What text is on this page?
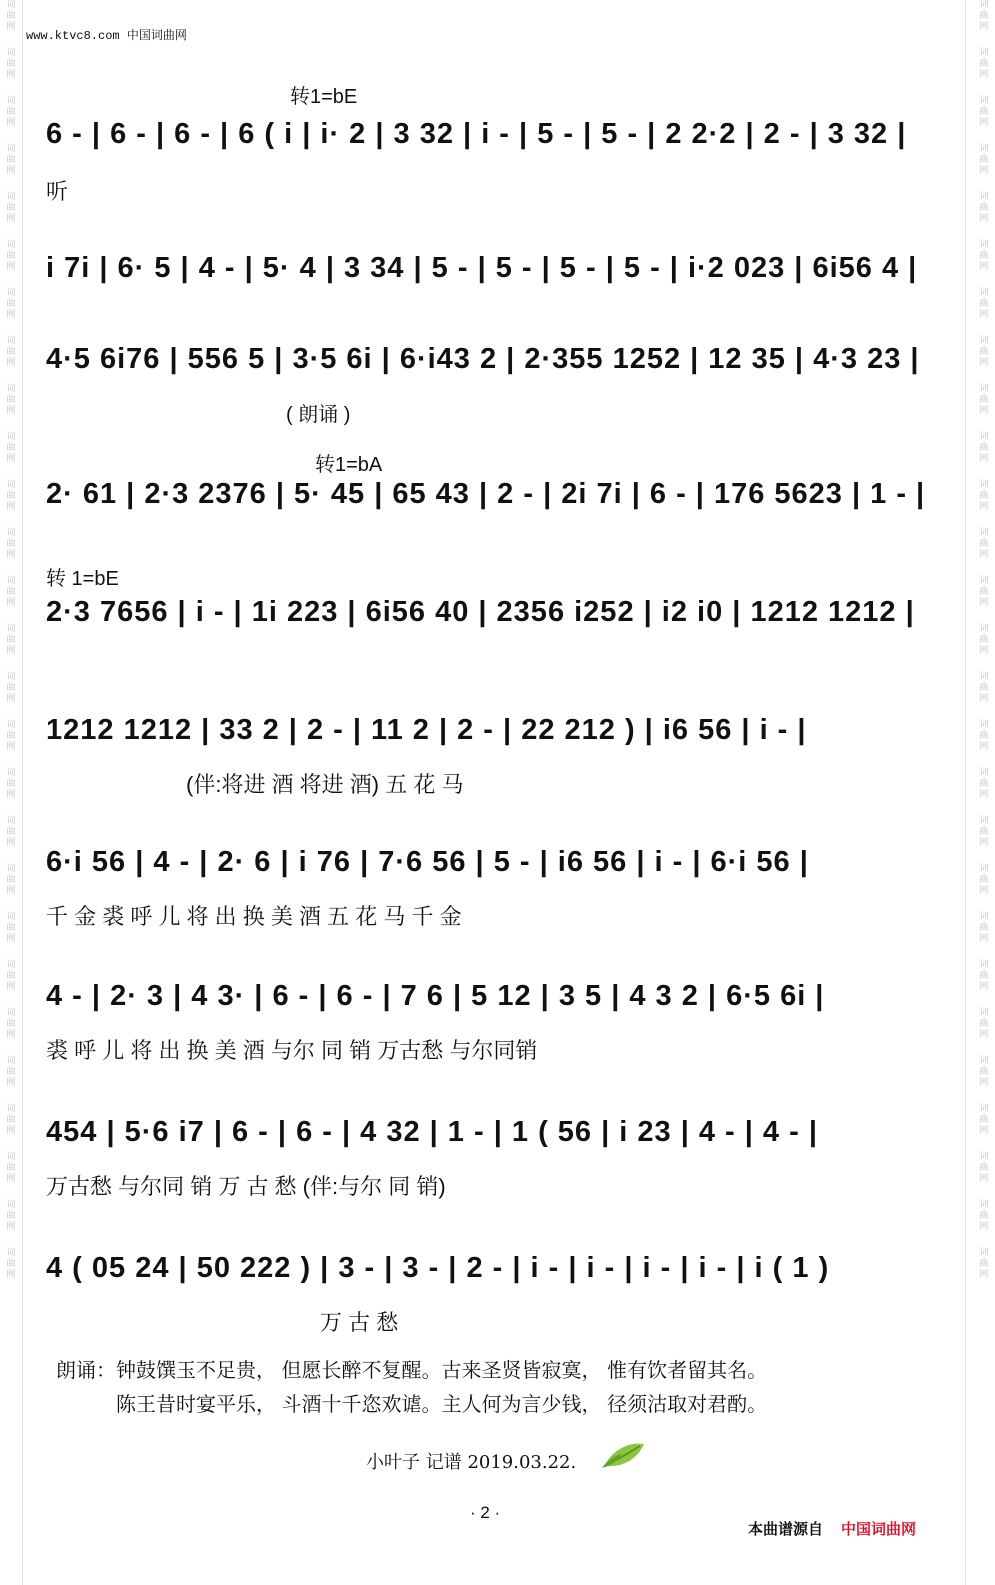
词曲网
词曲网
词曲网
词曲网
词曲网
词曲网
词曲网
词曲网
词曲网
词曲网
词曲网
词曲网
词曲网
词曲网
词曲网
词曲网
词曲网
词曲网
词曲网
词曲网
词曲网
词曲网
词曲网
词曲网
词曲网
词曲网
词曲网
词曲网
词曲网
词曲网
词曲网
词曲网
词曲网
词曲网
词曲网
词曲网
词曲网
词曲网
词曲网
词曲网
词曲网
词曲网
词曲网
词曲网
词曲网
词曲网
词曲网
词曲网
词曲网
词曲网
词曲网
词曲网
词曲网
词曲网
www.ktvc8.com 中国词曲网
转1=bE
转1=bA
转 1=bE
6 - | 6 - | 6 - | 6 ( i | i· 2 | 3 32 | i - | 5 - | 5 - | 2 2·2 | 2 - | 3 32 |
听
i 7i | 6· 5 | 4 - | 5· 4 | 3 34 | 5 - | 5 - | 5 - | 5 - | i·2 023 | 6i56 4 |
4·5 6i76 | 556 5 | 3·5 6i | 6·i43 2 | 2·355 1252 | 12 35 | 4·3 23 |
( 朗诵 )
2· 61 | 2·3 2376 | 5· 45 | 65 43 | 2 - | 2i 7i | 6 - | 176 5623 | 1 - |
2·3 7656 | i - | 1i 223 | 6i56 40 | 2356 i252 | i2 i0 | 1212 1212 |
1212 1212 | 33 2 | 2 - | 11 2 | 2 - | 22 212 ) | i6 56 | i - |
(伴:将进 酒 将进 酒) 五 花 马
6·i 56 | 4 - | 2· 6 | i 76 | 7·6 56 | 5 - | i6 56 | i - | 6·i 56 |
千 金 裘 呼 儿 将 出 换 美 酒 五 花 马 千 金
4 - | 2· 3 | 4 3· | 6 - | 6 - | 7 6 | 5 12 | 3 5 | 4 3 2 | 6·5 6i |
裘 呼 儿 将 出 换 美 酒 与尔 同 销 万古愁 与尔同销
454 | 5·6 i7 | 6 - | 6 - | 4 32 | 1 - | 1 ( 56 | i 23 | 4 - | 4 - |
万古愁 与尔同 销 万 古 愁 (伴:与尔 同 销)
4 ( 05 24 | 50 222 ) | 3 - | 3 - | 2 - | i - | i - | i - | i - | i ( 1 )
万 古 愁
朗诵：钟鼓馔玉不足贵， 但愿长醉不复醒。古来圣贤皆寂寞， 惟有饮者留其名。
陈王昔时宴平乐， 斗酒十千恣欢谑。主人何为言少钱， 径须沽取对君酌。
小叶子 记谱 2019.03.22.
· 2 ·
本曲谱源自 中国词曲网
